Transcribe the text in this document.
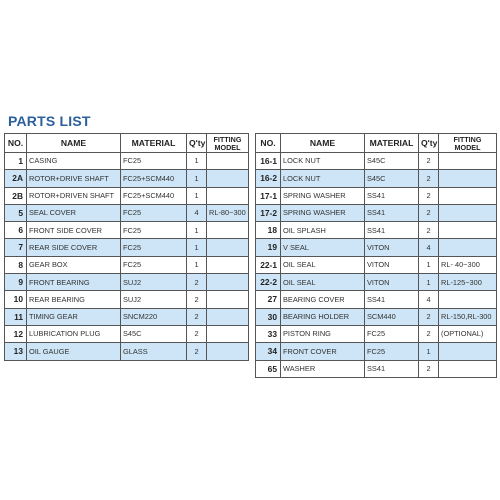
PARTS LIST
NO.	NAME	MATERIAL	Q'ty	FITTING
MODEL
1	CASING	FC25	1	
2A	ROTOR+DRIVE SHAFT	FC25+SCM440	1	
2B	ROTOR+DRIVEN SHAFT	FC25+SCM440	1	
5	SEAL COVER	FC25	4	RL-80~300
6	FRONT SIDE COVER	FC25	1	
7	REAR SIDE COVER	FC25	1	
8	GEAR BOX	FC25	1	
9	FRONT BEARING	SUJ2	2	
10	REAR BEARING	SUJ2	2	
11	TIMING GEAR	SNCM220	2	
12	LUBRICATION PLUG	S45C	2	
13	OIL GAUGE	GLASS	2	
NO.	NAME	MATERIAL	Q'ty	FITTING
MODEL
16-1	LOCK NUT	S45C	2	
16-2	LOCK NUT	S45C	2	
17-1	SPRING WASHER	SS41	2	
17-2	SPRING WASHER	SS41	2	
18	OIL SPLASH	SS41	2	
19	V SEAL	VITON	4	
22-1	OIL SEAL	VITON	1	RL- 40~300
22-2	OIL SEAL	VITON	1	RL-125~300
27	BEARING COVER	SS41	4	
30	BEARING HOLDER	SCM440	2	RL-150,RL-300
33	PISTON RING	FC25	2	(OPTIONAL)
34	FRONT COVER	FC25	1	
65	WASHER	SS41	2	
